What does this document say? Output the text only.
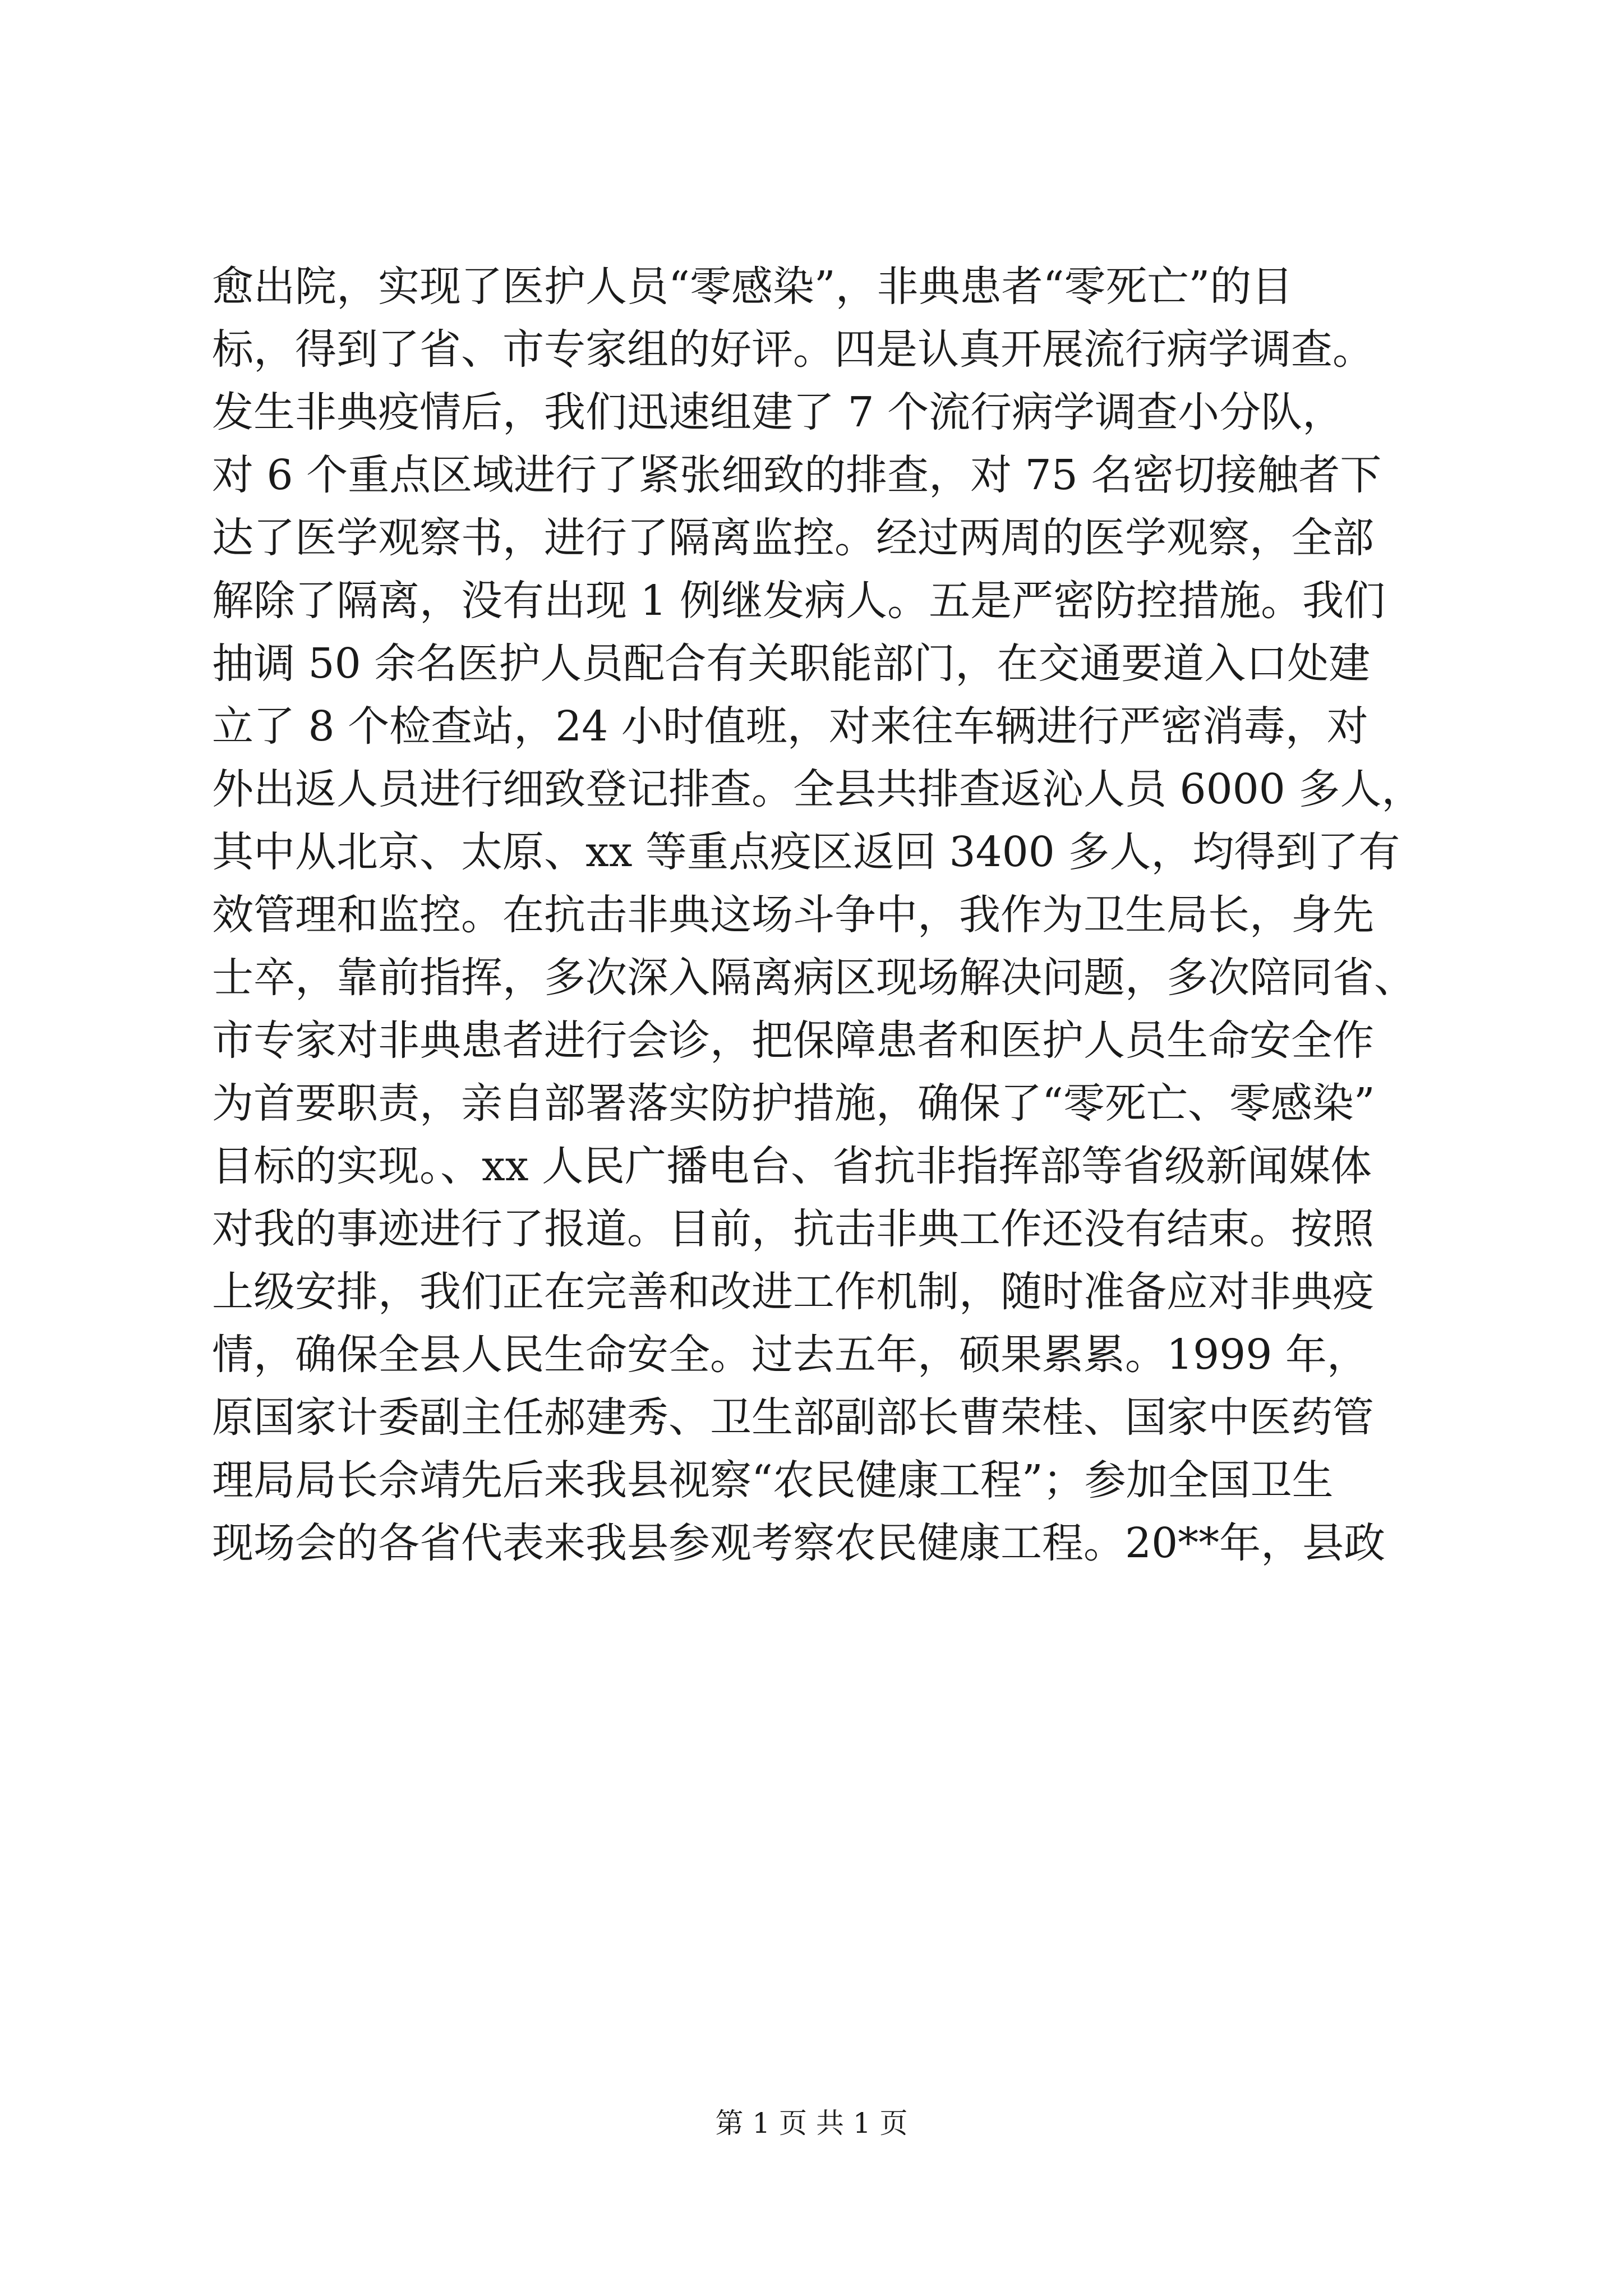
愈出院，实现了医护人员“零感染”，非典患者“零死亡”的目
标，得到了省、市专家组的好评。四是认真开展流行病学调查。
发生非典疫情后，我们迅速组建了 7 个流行病学调查小分队，
对 6 个重点区域进行了紧张细致的排查，对 75 名密切接触者下
达了医学观察书，进行了隔离监控。经过两周的医学观察，全部
解除了隔离，没有出现 1 例继发病人。五是严密防控措施。我们
抽调 50 余名医护人员配合有关职能部门，在交通要道入口处建
立了 8 个检查站，24 小时值班，对来往车辆进行严密消毒，对
外出返人员进行细致登记排查。全县共排查返沁人员 6000 多人，
其中从北京、太原、xx 等重点疫区返回 3400 多人，均得到了有
效管理和监控。在抗击非典这场斗争中，我作为卫生局长，身先
士卒，靠前指挥，多次深入隔离病区现场解决问题，多次陪同省、
市专家对非典患者进行会诊，把保障患者和医护人员生命安全作
为首要职责，亲自部署落实防护措施，确保了“零死亡、零感染”
目标的实现。、xx 人民广播电台、省抗非指挥部等省级新闻媒体
对我的事迹进行了报道。目前，抗击非典工作还没有结束。按照
上级安排，我们正在完善和改进工作机制，随时准备应对非典疫
情，确保全县人民生命安全。过去五年，硕果累累。1999 年，
原国家计委副主任郝建秀、卫生部副部长曹荣桂、国家中医药管
理局局长佘靖先后来我县视察“农民健康工程”；参加全国卫生
现场会的各省代表来我县参观考察农民健康工程。20**年，县政
第 1 页 共 1 页
